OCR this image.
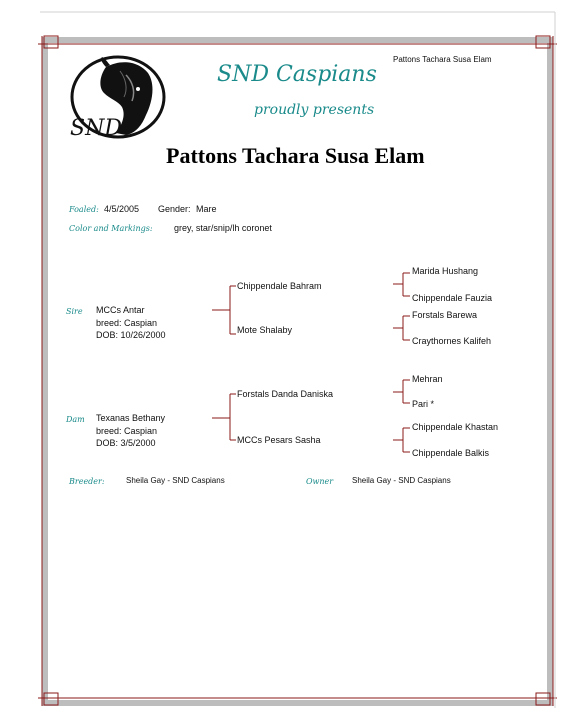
SND
Pattons Tachara Susa Elam
SND Caspians
proudly presents
Pattons Tachara Susa Elam
Foaled: 4/5/2005 Gender: Mare
Color and Markings: grey, star/snip/lh coronet
Sire MCCs Antar
breed: Caspian
DOB: 10/26/2000
Chippendale Bahram
Mote Shalaby
Marida Hushang
Chippendale Fauzia
Forstals Barewa
Craythornes Kalifeh
Dam Texanas Bethany
breed: Caspian
DOB: 3/5/2000
Forstals Danda Daniska
MCCs Pesars Sasha
Mehran
Pari *
Chippendale Khastan
Chippendale Balkis
Breeder:	Sheila Gay - SND Caspians	Owner Sheila Gay - SND Caspians
